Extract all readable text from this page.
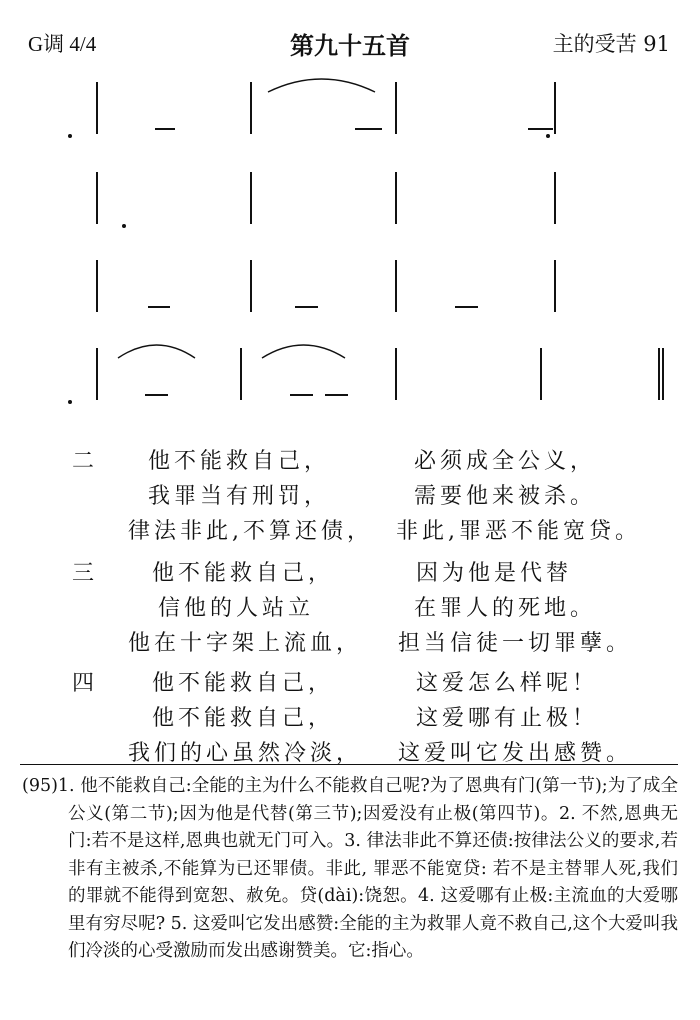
G调 4/4	第九十五首	主的受苦 91
二 他不能救自己，	必须成全公义，
我罪当有刑罚，	需要他来被杀。
律法非此,不算还债， 非此,罪恶不能宽贷。
三	他不能救自己，	因为他是代替
信他的人站立	在罪人的死地。
他在十字架上流血， 担当信徒一切罪孽。
四	他不能救自己，	这爱怎么样呢！
他不能救自己，	这爱哪有止极！
我们的心虽然冷淡， 这爱叫它发出感赞。

(95)1. 他不能救自己:全能的主为什么不能救自己呢?为了恩典有门(第一节);为了成全公义(第二节);因为他是代替(第三节);因爱没有止极(第四节)。2. 不然,恩典无门:若不是这样,恩典也就无门可入。3. 律法非此不算还债:按律法公义的要求,若非有主被杀,不能算为已还罪债。非此, 罪恶不能宽贷: 若不是主替罪人死,我们的罪就不能得到宽恕、赦免。贷(dài):饶恕。4. 这爱哪有止极:主流血的大爱哪里有穷尽呢? 5. 这爱叫它发出感赞:全能的主为救罪人竟不救自己,这个大爱叫我们冷淡的心受激励而发出感谢赞美。它:指心。
